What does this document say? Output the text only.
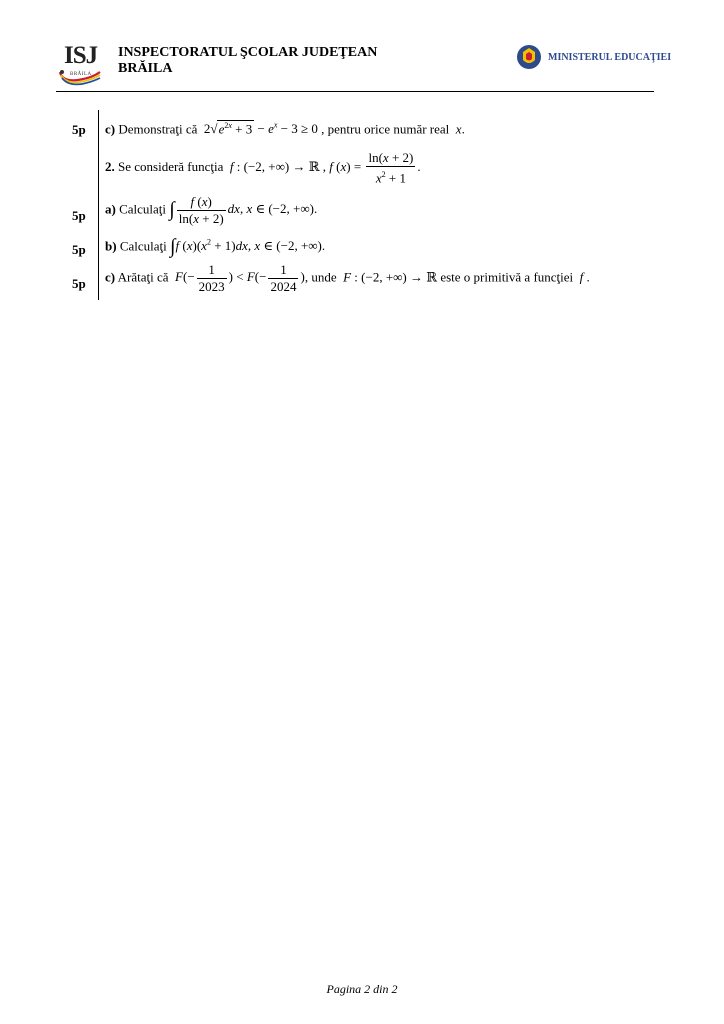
ISJ
BRĂILA
INSPECTORATUL ŞCOLAR JUDEŢEAN
BRĂILA
MINISTERUL EDUCAŢIEI
5p c) Demonstraţi că  $2√e^{2x} + 3 - e^x - 3 \ge 0$ , pentru orice număr real  x.
2. Se consideră funcţia f : (−2, +∞) → ℝ , f $(x) = \frac{\ln(x + 2)}{x^2 + 1}$ .
5p a) Calculaţi ∫ $\frac{f (x)}{\ln(x + 2)}$ dx, x ∈ (−2, +∞).
5p b) Calculaţi ∫f $(x)(x^2 + 1)dx$, x ∈ (−2, +∞).
5p c) Arătaţi că $F(- \frac{1}{2023}$ ) < $F(- \frac{1}{2024}$ ), unde F : (−2, +∞) → ℝ este o primitivă a funcţiei  f .
Pagina 2 din 2
